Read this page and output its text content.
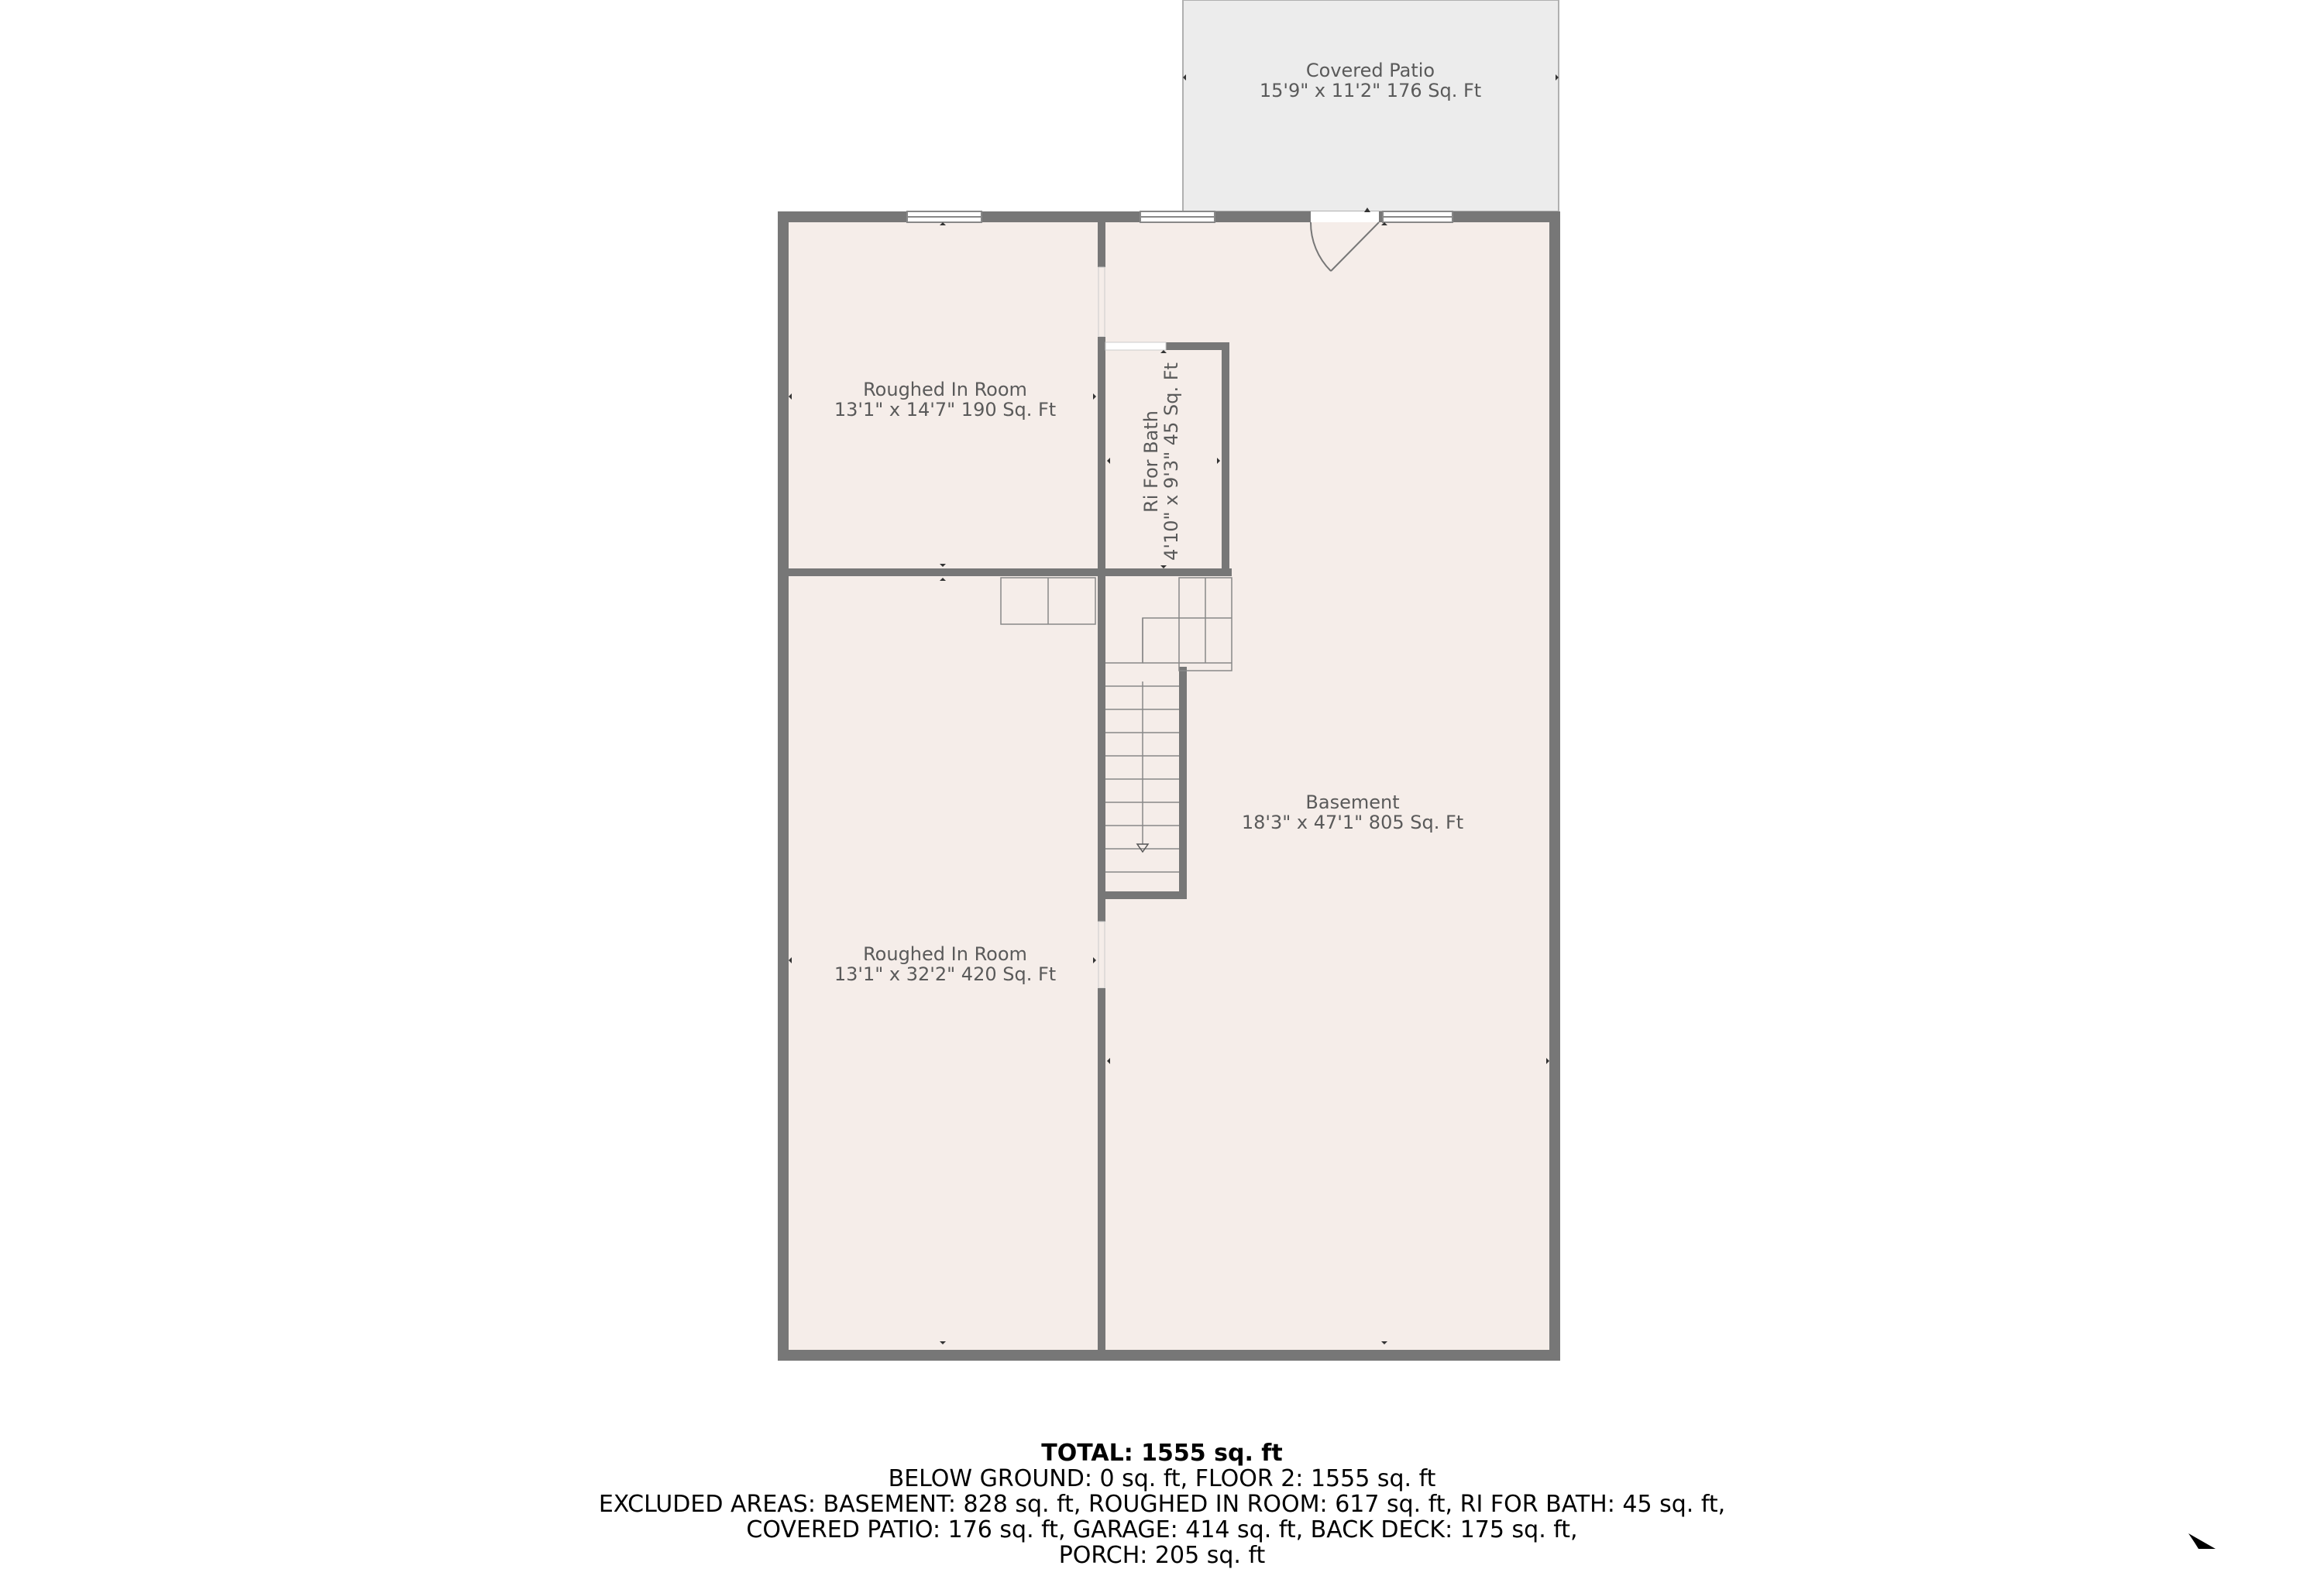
Covered Patio
15'9" x 11'2" 176 Sq. Ft
Roughed In Room
13'1" x 14'7" 190 Sq. Ft
Ri For Bath
4'10" x 9'3" 45 Sq. Ft
Basement
18'3" x 47'1" 805 Sq. Ft
Roughed In Room
13'1" x 32'2" 420 Sq. Ft
TOTAL: 1555 sq. ft
BELOW GROUND: 0 sq. ft, FLOOR 2: 1555 sq. ft
EXCLUDED AREAS: BASEMENT: 828 sq. ft, ROUGHED IN ROOM: 617 sq. ft, RI FOR BATH: 45 sq. ft,
COVERED PATIO: 176 sq. ft, GARAGE: 414 sq. ft, BACK DECK: 175 sq. ft,
PORCH: 205 sq. ft
